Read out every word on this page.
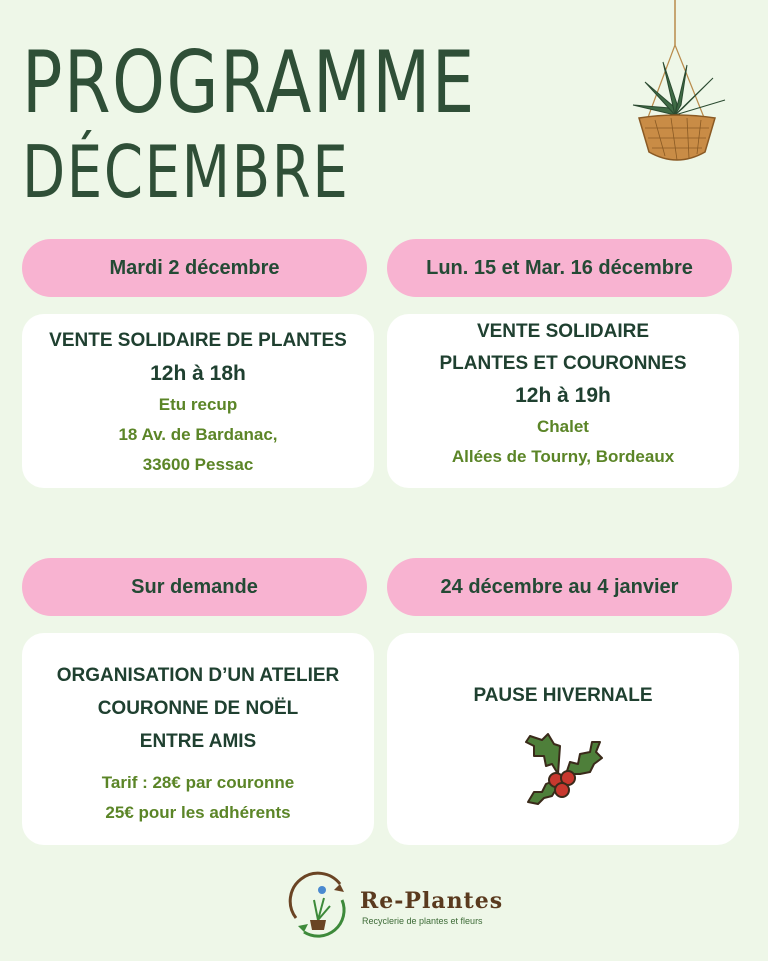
PROGRAMME
DÉCEMBRE
Mardi 2 décembre
VENTE SOLIDAIRE DE PLANTES
12h à 18h
Etu recup
18 Av. de Bardanac,
33600 Pessac
Lun. 15 et Mar. 16 décembre
VENTE SOLIDAIRE
PLANTES ET COURONNES
12h à 19h
Chalet
Allées de Tourny, Bordeaux
Sur demande
ORGANISATION D’UN ATELIER
COURONNE DE NOËL
ENTRE AMIS
Tarif : 28€ par couronne
25€ pour les adhérents
24 décembre au 4 janvier
PAUSE HIVERNALE
Re-Plantes
Recyclerie de plantes et fleurs
